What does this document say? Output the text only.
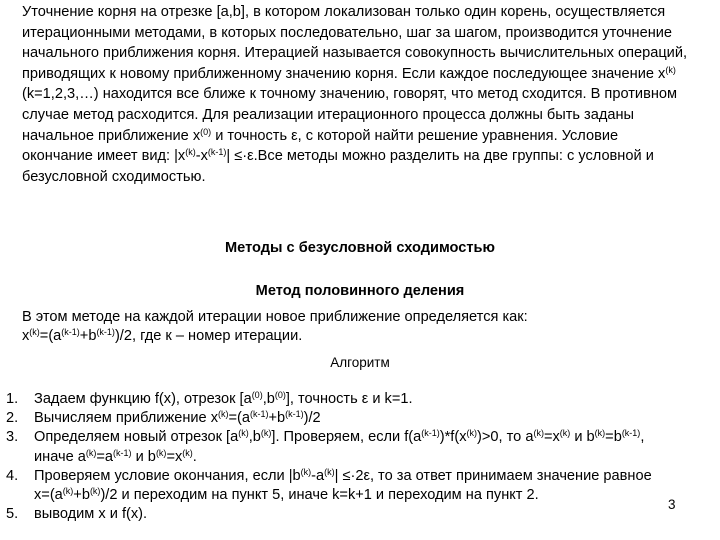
Уточнение корня на отрезке [a,b], в котором локализован только один корень, осуществляется итерационными методами, в которых последовательно, шаг за шагом, производится уточнение начального приближения корня. Итерацией называется совокупность вычислительных операций, приводящих к новому приближенному значению корня. Если каждое последующее значение $x^{(k)}$ (k=1,2,3,…) находится все ближе к точному значению, говорят, что метод сходится. В противном случае метод расходится. Для реализации итерационного процесса должны быть заданы начальное приближение $x^{(0)}$ и точность ε, с которой найти решение уравнения. Условие окончание имеет вид: $|x^{(k)}-x^{(k-1)}| \le\cdot\varepsilon.Все$ методы можно разделить на две группы: с условной и безусловной сходимостью.

Методы с безусловной сходимостью
Метод половинного деления
В этом методе на каждой итерации новое приближение определяется как:
$x^{(k)}=(a^{(k-1)}+b^{(k-1)})/2$, где к – номер итерации.
Алгоритм
1. Задаем функцию f(x), отрезок $[a^{(0)},b^{(0)}]$, точность ε и k=1.
2. Вычисляем приближение $x^{(k)}=(a^{(k-1)}+b^{(k-1)})/2$
3. Определяем новый отрезок $[a^{(k)},b^{(k)}]$. Проверяем, если $f(a^{(k-1)})*f(x^{(k)})>0$, то $a^{(k)}=x^{(k)}$ и $b^{(k)}=b^{(k-1)}$, иначе $a^{(k)}=a^{(k-1)}$ и $b^{(k)}=x^{(k)}$.
4. Проверяем условие окончания, если $|b^{(k)}-a^{(k)}| \le\cdot 2\varepsilon$, то за ответ принимаем значение равное $x=(a^{(k)}+b^{(k)})/2$ и переходим на пункт 5, иначе k=k+1 и переходим на пункт 2.
5. выводим x и f(x).
3
